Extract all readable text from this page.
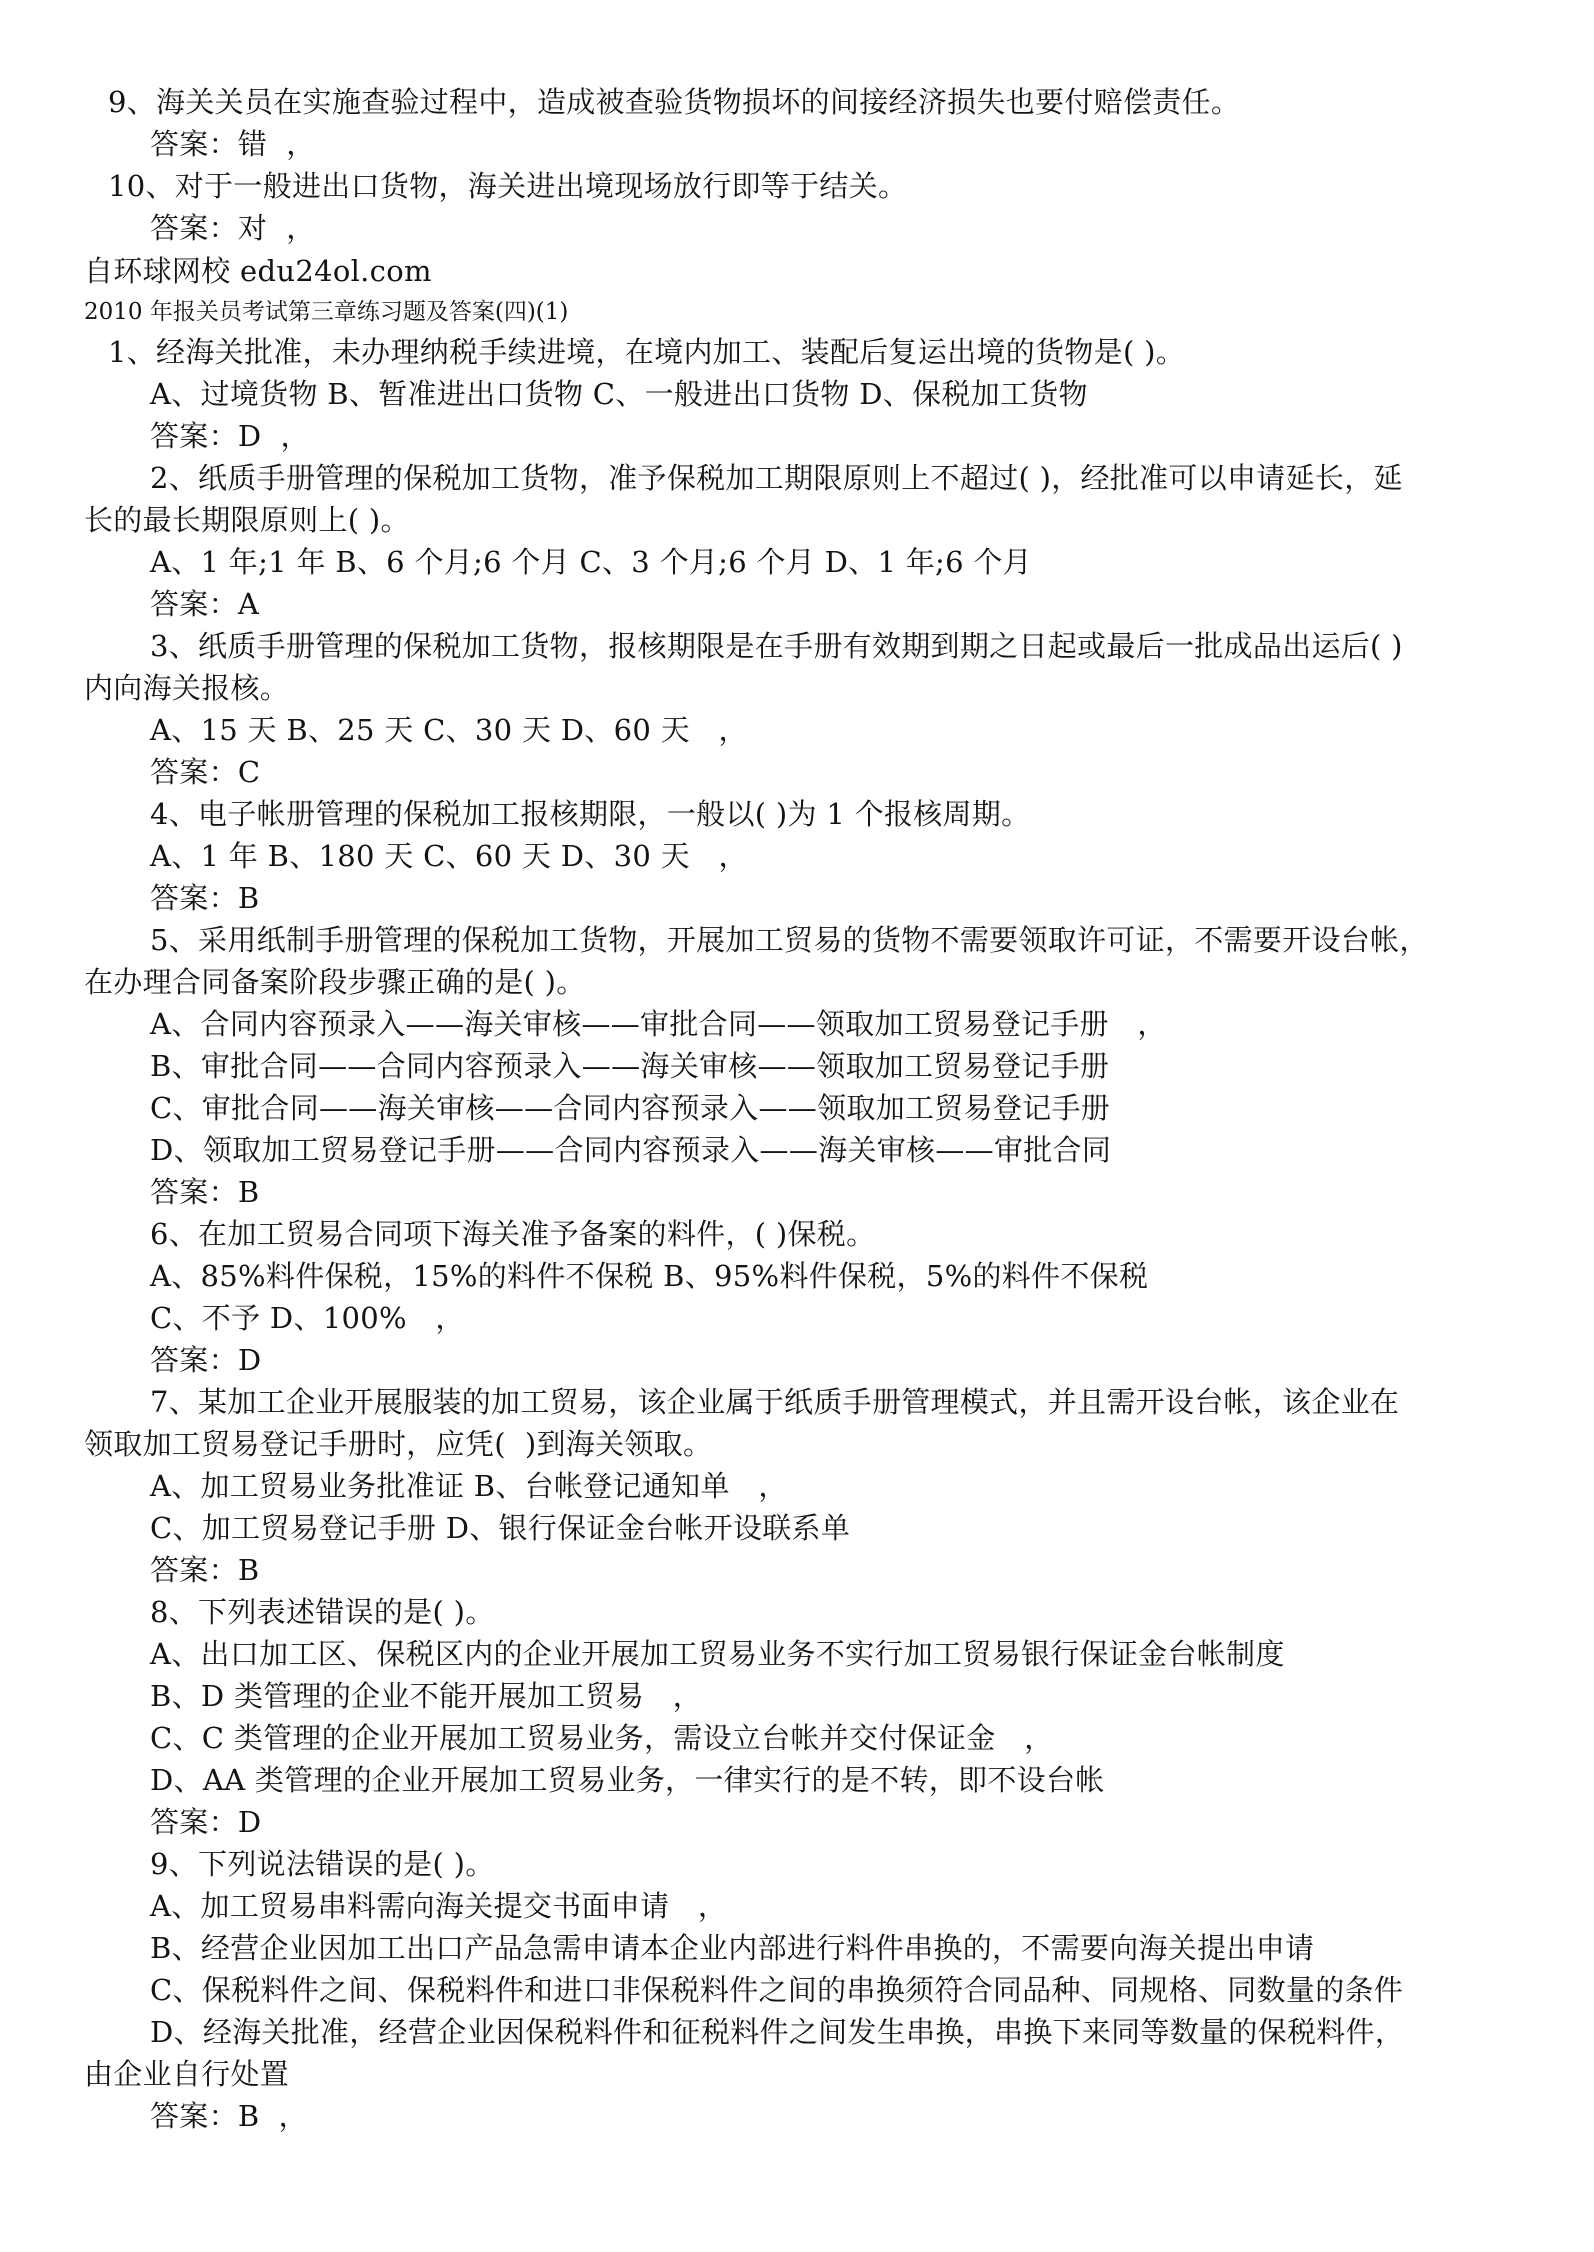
9、海关关员在实施查验过程中，造成被查验货物损坏的间接经济损失也要付赔偿责任。
答案：错  ，
10、对于一般进出口货物，海关进出境现场放行即等于结关。
答案：对  ，
自环球网校 edu24ol.com
2010 年报关员考试第三章练习题及答案(四)(1)
1、经海关批准，未办理纳税手续进境，在境内加工、装配后复运出境的货物是( )。
A、过境货物 B、暂准进出口货物 C、一般进出口货物 D、保税加工货物
答案：D  ，
2、纸质手册管理的保税加工货物，准予保税加工期限原则上不超过( )，经批准可以申请延长，延
长的最长期限原则上( )。
A、1 年;1 年 B、6 个月;6 个月 C、3 个月;6 个月 D、1 年;6 个月
答案：A
3、纸质手册管理的保税加工货物，报核期限是在手册有效期到期之日起或最后一批成品出运后( )
内向海关报核。
A、15 天 B、25 天 C、30 天 D、60 天   ，
答案：C
4、电子帐册管理的保税加工报核期限，一般以( )为 1 个报核周期。
A、1 年 B、180 天 C、60 天 D、30 天   ，
答案：B
5、采用纸制手册管理的保税加工货物，开展加工贸易的货物不需要领取许可证，不需要开设台帐，
在办理合同备案阶段步骤正确的是( )。
A、合同内容预录入——海关审核——审批合同——领取加工贸易登记手册   ，
B、审批合同——合同内容预录入——海关审核——领取加工贸易登记手册
C、审批合同——海关审核——合同内容预录入——领取加工贸易登记手册
D、领取加工贸易登记手册——合同内容预录入——海关审核——审批合同
答案：B
6、在加工贸易合同项下海关准予备案的料件，( )保税。
A、85%料件保税，15%的料件不保税 B、95%料件保税，5%的料件不保税
C、不予 D、100%   ，
答案：D
7、某加工企业开展服装的加工贸易，该企业属于纸质手册管理模式，并且需开设台帐，该企业在
领取加工贸易登记手册时，应凭(  )到海关领取。
A、加工贸易业务批准证 B、台帐登记通知单   ，
C、加工贸易登记手册 D、银行保证金台帐开设联系单
答案：B
8、下列表述错误的是( )。
A、出口加工区、保税区内的企业开展加工贸易业务不实行加工贸易银行保证金台帐制度
B、D 类管理的企业不能开展加工贸易   ，
C、C 类管理的企业开展加工贸易业务，需设立台帐并交付保证金   ，
D、AA 类管理的企业开展加工贸易业务，一律实行的是不转，即不设台帐
答案：D
9、下列说法错误的是( )。
A、加工贸易串料需向海关提交书面申请   ，
B、经营企业因加工出口产品急需申请本企业内部进行料件串换的，不需要向海关提出申请
C、保税料件之间、保税料件和进口非保税料件之间的串换须符合同品种、同规格、同数量的条件
D、经海关批准，经营企业因保税料件和征税料件之间发生串换，串换下来同等数量的保税料件，
由企业自行处置
答案：B  ，
